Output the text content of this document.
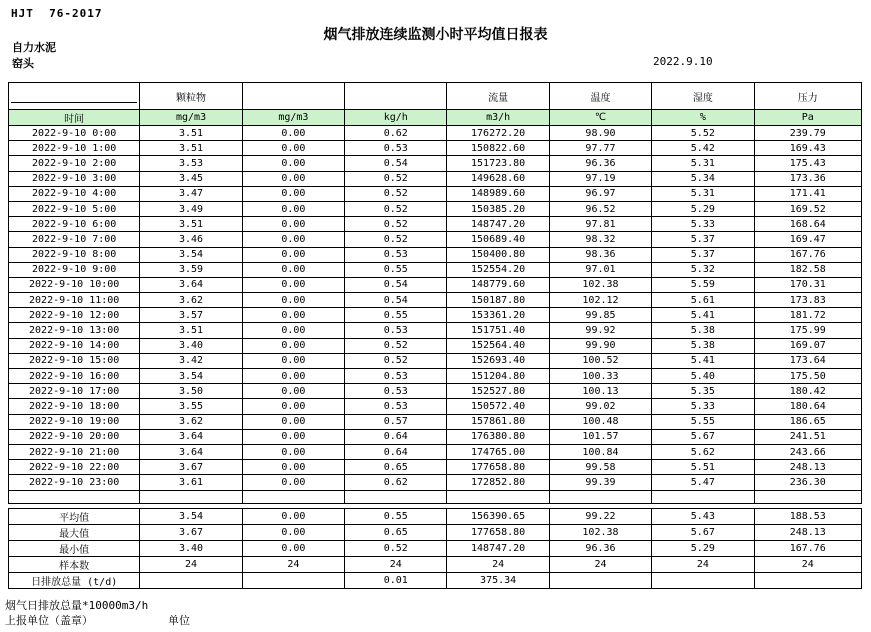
HJT  76-2017
烟气排放连续监测小时平均值日报表
自力水泥
窑头	2022.9.10
	颗粒物			流量	温度	湿度	压力
时间	mg/m3	mg/m3	kg/h	m3/h	℃	%	Pa
2022-9-10 0:00	3.51	0.00	0.62	176272.20	98.90	5.52	239.79
2022-9-10 1:00	3.51	0.00	0.53	150822.60	97.77	5.42	169.43
2022-9-10 2:00	3.53	0.00	0.54	151723.80	96.36	5.31	175.43
2022-9-10 3:00	3.45	0.00	0.52	149628.60	97.19	5.34	173.36
2022-9-10 4:00	3.47	0.00	0.52	148989.60	96.97	5.31	171.41
2022-9-10 5:00	3.49	0.00	0.52	150385.20	96.52	5.29	169.52
2022-9-10 6:00	3.51	0.00	0.52	148747.20	97.81	5.33	168.64
2022-9-10 7:00	3.46	0.00	0.52	150689.40	98.32	5.37	169.47
2022-9-10 8:00	3.54	0.00	0.53	150400.80	98.36	5.37	167.76
2022-9-10 9:00	3.59	0.00	0.55	152554.20	97.01	5.32	182.58
2022-9-10 10:00	3.64	0.00	0.54	148779.60	102.38	5.59	170.31
2022-9-10 11:00	3.62	0.00	0.54	150187.80	102.12	5.61	173.83
2022-9-10 12:00	3.57	0.00	0.55	153361.20	99.85	5.41	181.72
2022-9-10 13:00	3.51	0.00	0.53	151751.40	99.92	5.38	175.99
2022-9-10 14:00	3.40	0.00	0.52	152564.40	99.90	5.38	169.07
2022-9-10 15:00	3.42	0.00	0.52	152693.40	100.52	5.41	173.64
2022-9-10 16:00	3.54	0.00	0.53	151204.80	100.33	5.40	175.50
2022-9-10 17:00	3.50	0.00	0.53	152527.80	100.13	5.35	180.42
2022-9-10 18:00	3.55	0.00	0.53	150572.40	99.02	5.33	180.64
2022-9-10 19:00	3.62	0.00	0.57	157861.80	100.48	5.55	186.65
2022-9-10 20:00	3.64	0.00	0.64	176380.80	101.57	5.67	241.51
2022-9-10 21:00	3.64	0.00	0.64	174765.00	100.84	5.62	243.66
2022-9-10 22:00	3.67	0.00	0.65	177658.80	99.58	5.51	248.13
2022-9-10 23:00	3.61	0.00	0.62	172852.80	99.39	5.47	236.30

平均值	3.54	0.00	0.55	156390.65	99.22	5.43	188.53
最大值	3.67	0.00	0.65	177658.80	102.38	5.67	248.13
最小值	3.40	0.00	0.52	148747.20	96.36	5.29	167.76
样本数	24	24	24	24	24	24	24
日排放总量 (t/d)			0.01	375.34			
烟气日排放总量*10000m3/h
上报单位（盖章）	单位
